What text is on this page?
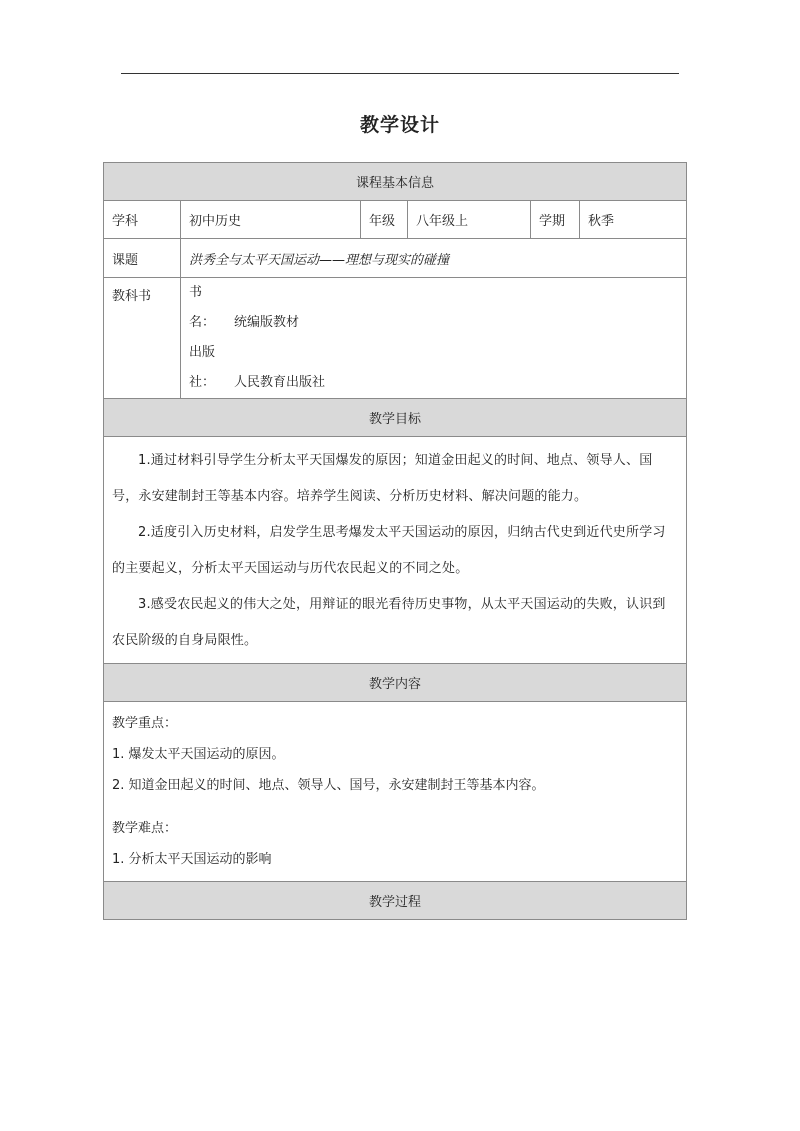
教学设计
课程基本信息					
学科	初中历史	年级	八年级上	学期	秋季
课题	洪秀全与太平天国运动——理想与现实的碰撞				
教科书	书　名： 统编版教材
出版社： 人民教育出版社				

教学目标					

1.通过材料引导学生分析太平天国爆发的原因；知道金田起义的时间、地点、领导人、国号，永安建制封王等基本内容。培养学生阅读、分析历史材料、解决问题的能力。

2.适度引入历史材料，启发学生思考爆发太平天国运动的原因，归纳古代史到近代史所学习的主要起义，分析太平天国运动与历代农民起义的不同之处。

3.感受农民起义的伟大之处，用辩证的眼光看待历史事物，从太平天国运动的失败，认识到农民阶级的自身局限性。					

教学内容					

教学重点：

1. 爆发太平天国运动的原因。

2. 知道金田起义的时间、地点、领导人、国号，永安建制封王等基本内容。

教学难点：

1. 分析太平天国运动的影响					

教学过程					
